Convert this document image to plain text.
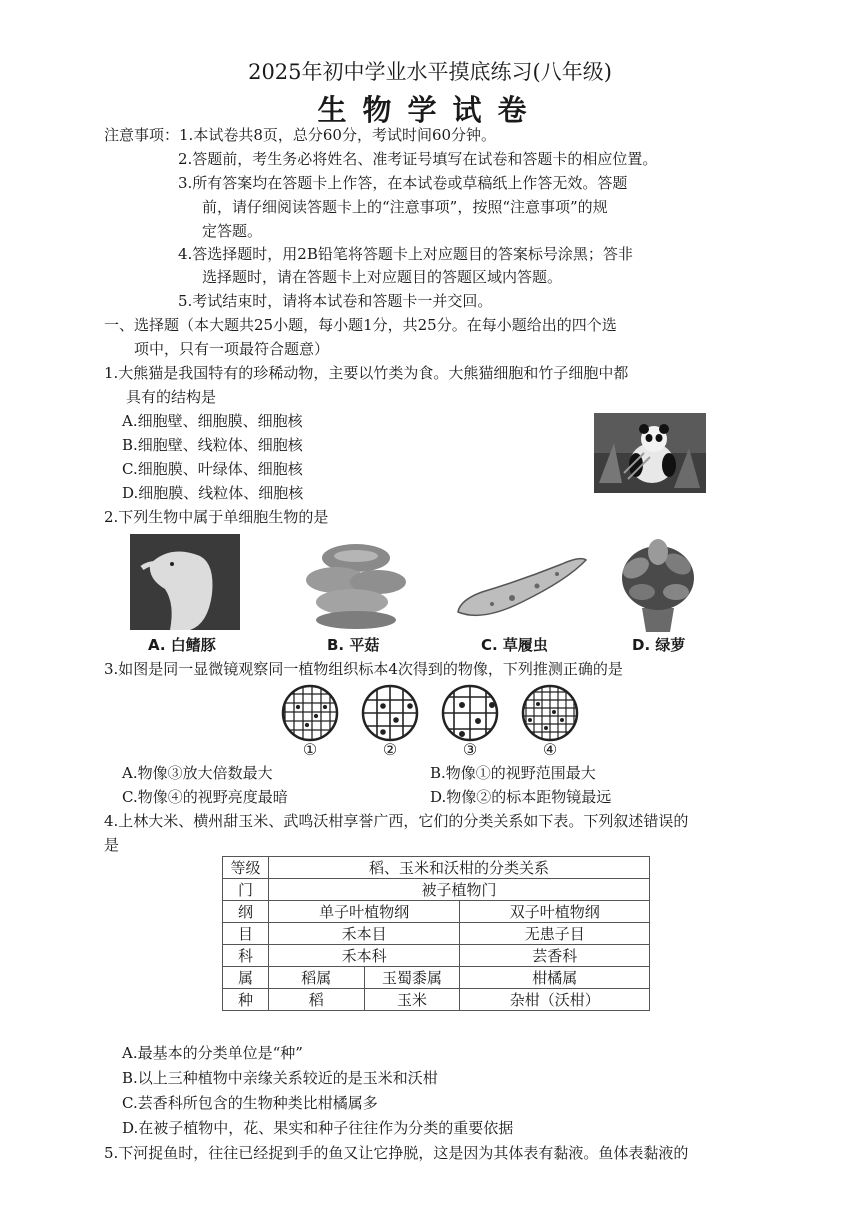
2025年初中学业水平摸底练习(八年级)
生物学试卷
注意事项：1.本试卷共8页，总分60分，考试时间60分钟。
2.答题前，考生务必将姓名、准考证号填写在试卷和答题卡的相应位置。
3.所有答案均在答题卡上作答，在本试卷或草稿纸上作答无效。答题
前，请仔细阅读答题卡上的“注意事项”，按照“注意事项”的规
定答题。
4.答选择题时，用2B铅笔将答题卡上对应题目的答案标号涂黑；答非
选择题时，请在答题卡上对应题目的答题区域内答题。
5.考试结束时，请将本试卷和答题卡一并交回。
一、选择题（本大题共25小题，每小题1分，共25分。在每小题给出的四个选
项中，只有一项最符合题意）
1.大熊猫是我国特有的珍稀动物，主要以竹类为食。大熊猫细胞和竹子细胞中都
具有的结构是
A.细胞壁、细胞膜、细胞核
B.细胞壁、线粒体、细胞核
C.细胞膜、叶绿体、细胞核
D.细胞膜、线粒体、细胞核
2.下列生物中属于单细胞生物的是
A. 白鳍豚	B. 平菇	C. 草履虫	D. 绿萝
3.如图是同一显微镜观察同一植物组织标本4次得到的物像，下列推测正确的是
①	②	③	④
A.物像③放大倍数最大	B.物像①的视野范围最大
C.物像④的视野亮度最暗	D.物像②的标本距物镜最远
4.上林大米、横州甜玉米、武鸣沃柑享誉广西，它们的分类关系如下表。下列叙述错误的
是
等级	稻、玉米和沃柑的分类关系		
门	被子植物门		
纲	单子叶植物纲		双子叶植物纲
目	禾本目		无患子目
科	禾本科		芸香科
属	稻属	玉蜀黍属	柑橘属
种	稻	玉米	杂柑（沃柑）
A.最基本的分类单位是“种”
B.以上三种植物中亲缘关系较近的是玉米和沃柑
C.芸香科所包含的生物种类比柑橘属多
D.在被子植物中，花、果实和种子往往作为分类的重要依据
5.下河捉鱼时，往往已经捉到手的鱼又让它挣脱，这是因为其体表有黏液。鱼体表黏液的
